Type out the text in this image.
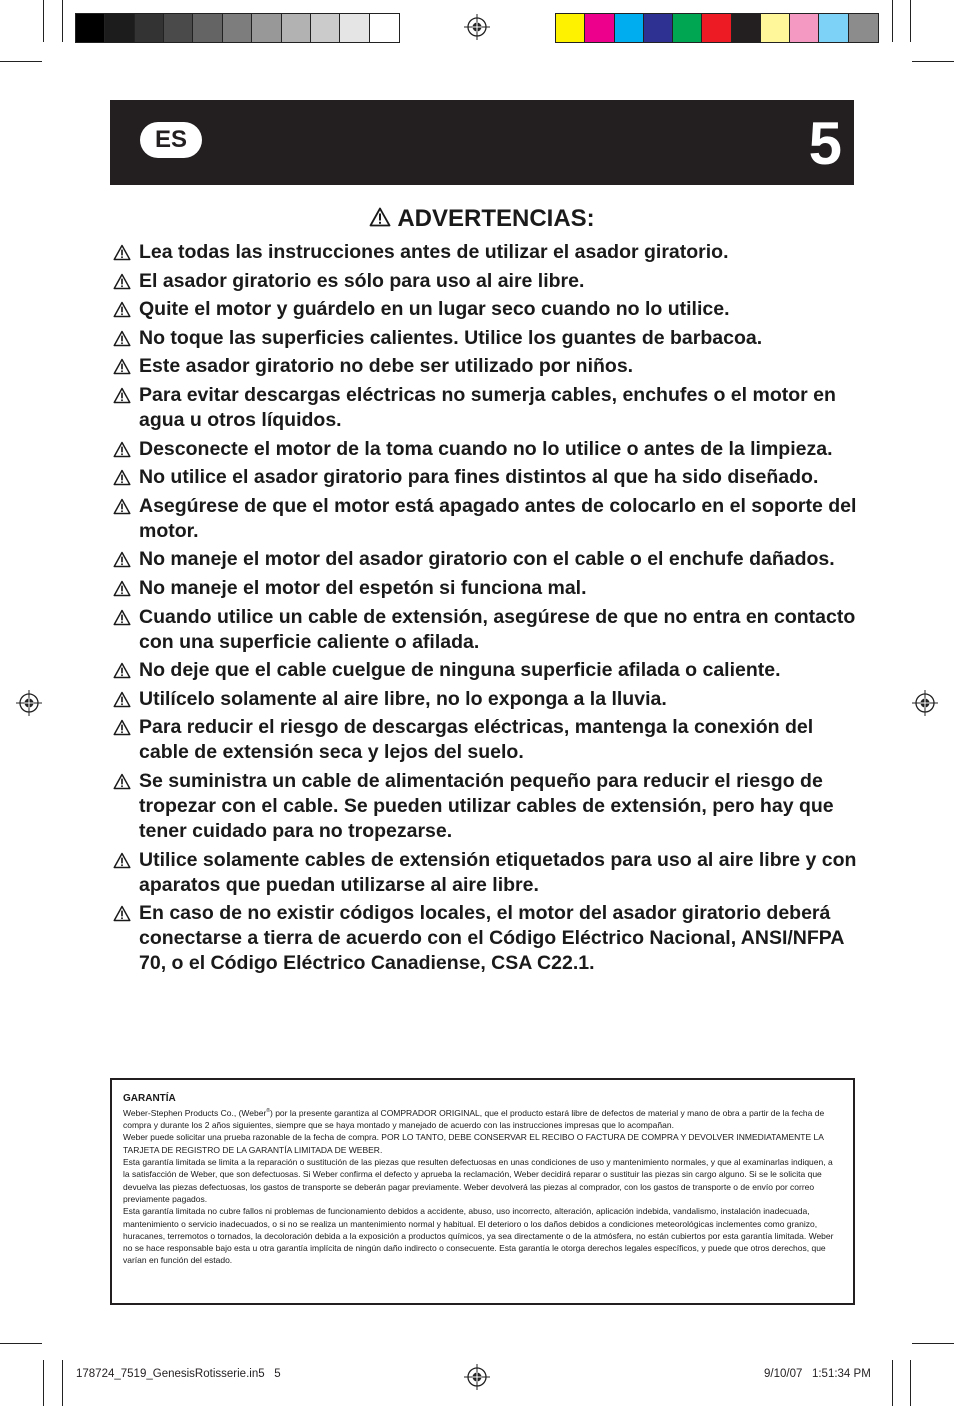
ES	5
ADVERTENCIAS:
Lea todas las instrucciones antes de utilizar el asador giratorio.
El asador giratorio es sólo para uso al aire libre.
Quite el motor y guárdelo en un lugar seco cuando no lo utilice.
No toque las superficies calientes. Utilice los guantes de barbacoa.
Este asador giratorio no debe ser utilizado por niños.
Para evitar descargas eléctricas no sumerja cables, enchufes o el motor en agua u otros líquidos.
Desconecte el motor de la toma cuando no lo utilice o antes de la limpieza.
No utilice el asador giratorio para fines distintos al que ha sido diseñado.
Asegúrese de que el motor está apagado antes de colocarlo en el soporte del motor.
No maneje el motor del asador giratorio con el cable o el enchufe dañados.
No maneje el motor del espetón si funciona mal.
Cuando utilice un cable de extensión, asegúrese de que no entra en contacto con una superficie caliente o afilada.
No deje que el cable cuelgue de ninguna superficie afilada o caliente.
Utilícelo solamente al aire libre, no lo exponga a la lluvia.
Para reducir el riesgo de descargas eléctricas, mantenga la conexión del cable de extensión seca y lejos del suelo.
Se suministra un cable de alimentación pequeño para reducir el riesgo de tropezar con el cable. Se pueden utilizar cables de extensión, pero hay que tener cuidado para no tropezarse.
Utilice solamente cables de extensión etiquetados para uso al aire libre y con aparatos que puedan utilizarse al aire libre.
En caso de no existir códigos locales, el motor del asador giratorio deberá conectarse a tierra de acuerdo con el Código Eléctrico Nacional, ANSI/NFPA 70, o el Código Eléctrico Canadiense, CSA C22.1.
GARANTÍA

Weber-Stephen Products Co., (Weber®) por la presente garantiza al COMPRADOR ORIGINAL, que el producto estará libre de defectos de material y mano de obra a partir de la fecha de compra y durante los 2 años siguientes, siempre que se haya montado y manejado de acuerdo con las instrucciones impresas que lo acompañan.

Weber puede solicitar una prueba razonable de la fecha de compra. POR LO TANTO, DEBE CONSERVAR EL RECIBO O FACTURA DE COMPRA Y DEVOLVER INMEDIATAMENTE LA TARJETA DE REGISTRO DE LA GARANTÍA LIMITADA DE WEBER.

Esta garantía limitada se limita a la reparación o sustitución de las piezas que resulten defectuosas en unas condiciones de uso y mantenimiento normales, y que al examinarlas indiquen, a la satisfacción de Weber, que son defectuosas. Si Weber confirma el defecto y aprueba la reclamación, Weber decidirá reparar o sustituir las piezas sin cargo alguno. Si se le solicita que devuelva las piezas defectuosas, los gastos de transporte se deberán pagar previamente. Weber devolverá las piezas al comprador, con los gastos de transporte o de envío por correo previamente pagados.

Esta garantía limitada no cubre fallos ni problemas de funcionamiento debidos a accidente, abuso, uso incorrecto, alteración, aplicación indebida, vandalismo, instalación inadecuada, mantenimiento o servicio inadecuados, o si no se realiza un mantenimiento normal y habitual. El deterioro o los daños debidos a condiciones meteorológicas inclementes como granizo, huracanes, terremotos o tornados, la decoloración debida a la exposición a productos químicos, ya sea directamente o de la atmósfera, no están cubiertos por esta garantía limitada. Weber no se hace responsable bajo esta u otra garantía implícita de ningún daño indirecto o consecuente. Esta garantía le otorga derechos legales específicos, y puede que otros derechos, que varían en función del estado.

178724_7519_GenesisRotisserie.in5   5	9/10/07   1:51:34 PM
